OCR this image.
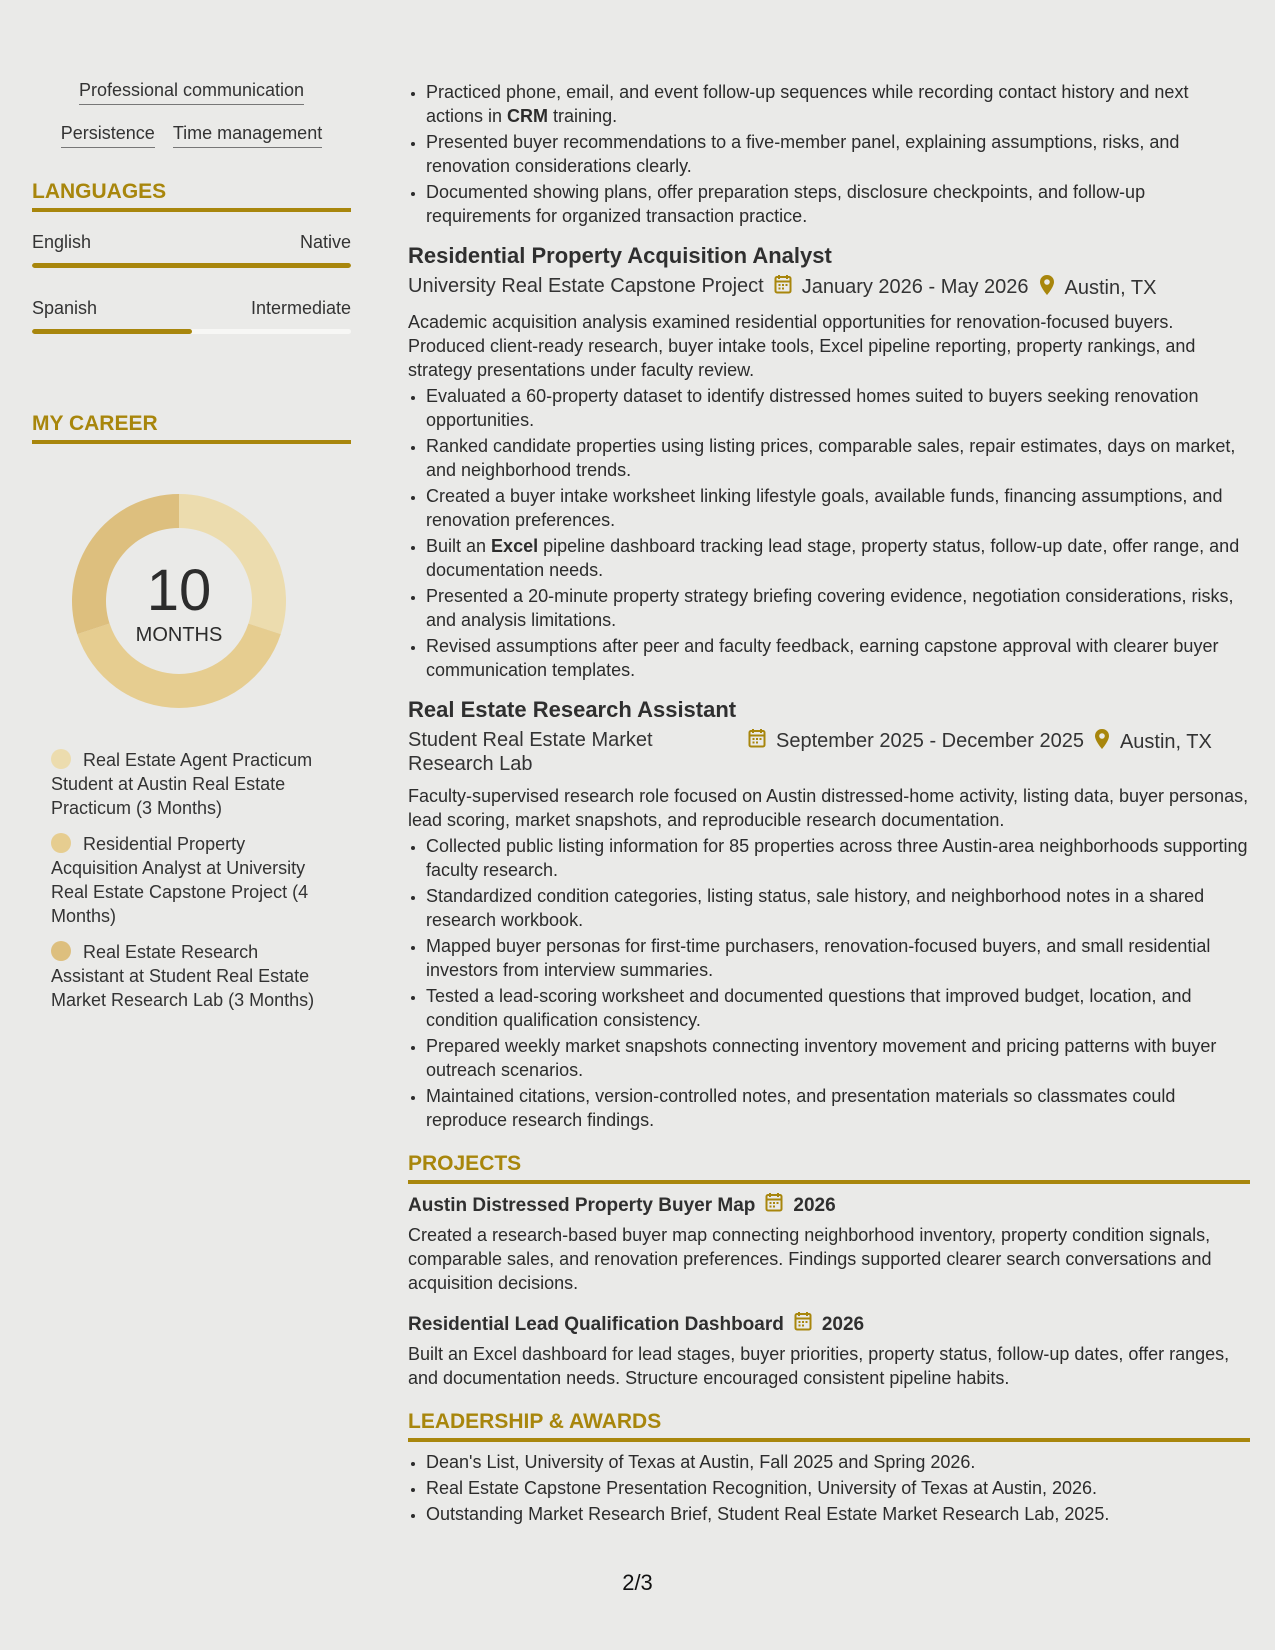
Professional communication
Persistence Time management
LANGUAGES
English	Native
Spanish	Intermediate
MY CAREER
10
MONTHS
Real Estate Agent Practicum Student at Austin Real Estate Practicum (3 Months)
Residential Property Acquisition Analyst at University Real Estate Capstone Project (4 Months)
Real Estate Research Assistant at Student Real Estate Market Research Lab (3 Months)
• Practiced phone, email, and event follow-up sequences while recording contact history and next actions in CRM training.
• Presented buyer recommendations to a five-member panel, explaining assumptions, risks, and renovation considerations clearly.
• Documented showing plans, offer preparation steps, disclosure checkpoints, and follow-up requirements for organized transaction practice.
Residential Property Acquisition Analyst
University Real Estate Capstone Project January 2026 - May 2026 Austin, TX

Academic acquisition analysis examined residential opportunities for renovation-focused buyers. Produced client-ready research, buyer intake tools, Excel pipeline reporting, property rankings, and strategy presentations under faculty review.

• Evaluated a 60-property dataset to identify distressed homes suited to buyers seeking renovation opportunities.
• Ranked candidate properties using listing prices, comparable sales, repair estimates, days on market, and neighborhood trends.
• Created a buyer intake worksheet linking lifestyle goals, available funds, financing assumptions, and renovation preferences.
• Built an Excel pipeline dashboard tracking lead stage, property status, follow-up date, offer range, and documentation needs.
• Presented a 20-minute property strategy briefing covering evidence, negotiation considerations, risks, and analysis limitations.
• Revised assumptions after peer and faculty feedback, earning capstone approval with clearer buyer communication templates.
Real Estate Research Assistant
Student Real Estate Market Research Lab
September 2025 - December 2025 Austin, TX

Faculty-supervised research role focused on Austin distressed-home activity, listing data, buyer personas, lead scoring, market snapshots, and reproducible research documentation.

• Collected public listing information for 85 properties across three Austin-area neighborhoods supporting faculty research.
• Standardized condition categories, listing status, sale history, and neighborhood notes in a shared research workbook.
• Mapped buyer personas for first-time purchasers, renovation-focused buyers, and small residential investors from interview summaries.
• Tested a lead-scoring worksheet and documented questions that improved budget, location, and condition qualification consistency.
• Prepared weekly market snapshots connecting inventory movement and pricing patterns with buyer outreach scenarios.
• Maintained citations, version-controlled notes, and presentation materials so classmates could reproduce research findings.
PROJECTS
Austin Distressed Property Buyer Map 2026

Created a research-based buyer map connecting neighborhood inventory, property condition signals, comparable sales, and renovation preferences. Findings supported clearer search conversations and acquisition decisions.

Residential Lead Qualification Dashboard 2026

Built an Excel dashboard for lead stages, buyer priorities, property status, follow-up dates, offer ranges, and documentation needs. Structure encouraged consistent pipeline habits.

LEADERSHIP & AWARDS
• Dean's List, University of Texas at Austin, Fall 2025 and Spring 2026.
• Real Estate Capstone Presentation Recognition, University of Texas at Austin, 2026.
• Outstanding Market Research Brief, Student Real Estate Market Research Lab, 2025.
2/3
